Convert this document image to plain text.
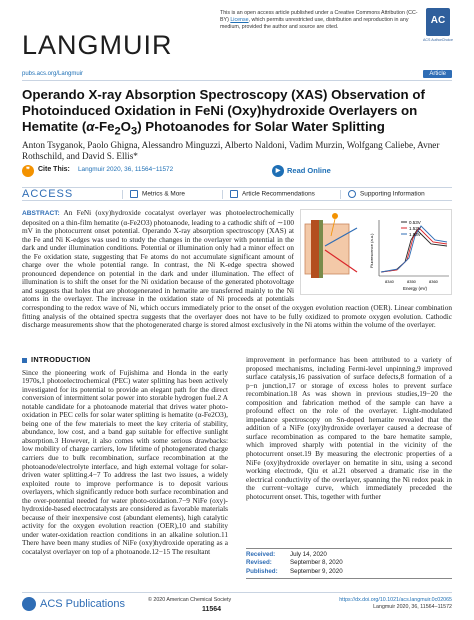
LANGMUIR
This is an open access article published under a Creative Commons Attribution (CC-BY) License, which permits unrestricted use, distribution and reproduction in any medium, provided the author and source are cited.
AC
ACS AuthorChoice
pubs.acs.org/Langmuir	Article
Operando X-ray Absorption Spectroscopy (XAS) Observation of Photoinduced Oxidation in FeNi (Oxy)hydroxide Overlayers on Hematite $(\alpha-Fe_2O_3)$ Photoanodes for Solar Water Splitting
Anton Tsyganok, Paolo Ghigna, Alessandro Minguzzi, Alberto Naldoni, Vadim Murzin, Wolfgang Caliebe, Avner Rothschild, and David S. Ellis*
❞	Cite This: Langmuir 2020, 36, 11564−11572	▶ Read Online
ACCESS	Metrics & More	Article Recommendations	Supporting Information
0.53V
1.53V
1.93V
8340	8350	8360
Energy (eV)
Fluorescence (a.u.)
ABSTRACT: An FeNi (oxy)hydroxide cocatalyst overlayer was photoelectrochemically deposited on a thin-film hematite (α-Fe2O3) photoanode, leading to a cathodic shift of ∼100 mV in the photocurrent onset potential. Operando X-ray absorption spectroscopy (XAS) at the Fe and Ni K-edges was used to study the changes in the overlayer with potential in the dark and under illumination conditions. Potential or illumination only had a minor effect on the Fe oxidation state, suggesting that Fe atoms do not accumulate significant amount of charge over the whole potential range. In contrast, the Ni K-edge spectra showed pronounced dependence on potential in the dark and under illumination. The effect of illumination is to shift the onset for the Ni oxidation because of the generated photovoltage and suggests that holes that are photogenerated in hematite are transferred mainly to the Ni atoms in the overlayer. The increase in the oxidation state of Ni proceeds at potentials corresponding to the redox wave of Ni, which occurs immediately prior to the onset of the oxygen evolution reaction (OER). Linear combination fitting analysis of the obtained spectra suggests that the overlayer does not have to be fully oxidized to promote oxygen evolution. Cathodic discharge measurements show that the photogenerated charge is stored almost exclusively in the Ni atoms within the volume of the overlayer.
INTRODUCTION
Since the pioneering work of Fujishima and Honda in the early 1970s,1 photoelectrochemical (PEC) water splitting has been actively investigated for its potential to provide an elegant path for the direct conversion of intermittent solar power into storable hydrogen fuel.2 A notable candidate for a photoanode material that drives water photo-oxidation in PEC cells for solar water splitting is hematite (α-Fe2O3), being one of the few materials to meet the key criteria of stability, abundance, low cost, and a band gap suitable for effective sunlight absorption.3 However, it also comes with some serious drawbacks: low mobility of charge carriers, low lifetime of photogenerated charge carriers due to bulk recombination, surface recombination at the photoanode/electrolyte interface, and high external voltage for solar-driven water splitting.4−7 To address the last two issues, a widely exploited route to improve performance is to deposit various overlayers, which significantly reduce both surface recombination and the over-potential needed for water photo-oxidation.7−9 NiFe (oxy)-hydroxide-based electrocatalysts are considered as favorable materials because of their inexpensive cost (abundant elements), high catalytic activity for the oxygen evolution reaction (OER),10 and stability under water-oxidation reaction conditions in an alkaline solution.11 There have been many studies of NiFe (oxy)hydroxide operating as a cocatalyst overlayer on top of a photoanode.12−15 The resultant
improvement in performance has been attributed to a variety of proposed mechanisms, including Fermi-level unpinning,9 improved surface catalysis,16 passivation of surface defects,8 formation of a p−n junction,17 or storage of excess holes to prevent surface recombination.18 As was shown in previous studies,19−20 the composition and fabrication method of the sample can have a profound effect on the role of the overlayer. Light-modulated impedance spectroscopy on Sn-doped hematite revealed that the addition of a NiFe (oxy)hydroxide overlayer caused a decrease of surface recombination as compared to the bare hematite sample, which improved sharply with potential in the vicinity of the photocurrent onset.19 By measuring the electronic properties of a NiFe (oxy)hydroxide overlayer on hematite in situ, using a second working electrode, Qiu et al.21 observed a dramatic rise in the electrical conductivity of the overlayer, spanning the Ni redox peak in the current−voltage curve, which immediately preceded the photocurrent onset. This, together with further
Received: July 14, 2020
Revised:	September 8, 2020
Published: September 9, 2020
ACS Publications	© 2020 American Chemical Society
11564
https://dx.doi.org/10.1021/acs.langmuir.0c02065
Langmuir 2020, 36, 11564−11572
